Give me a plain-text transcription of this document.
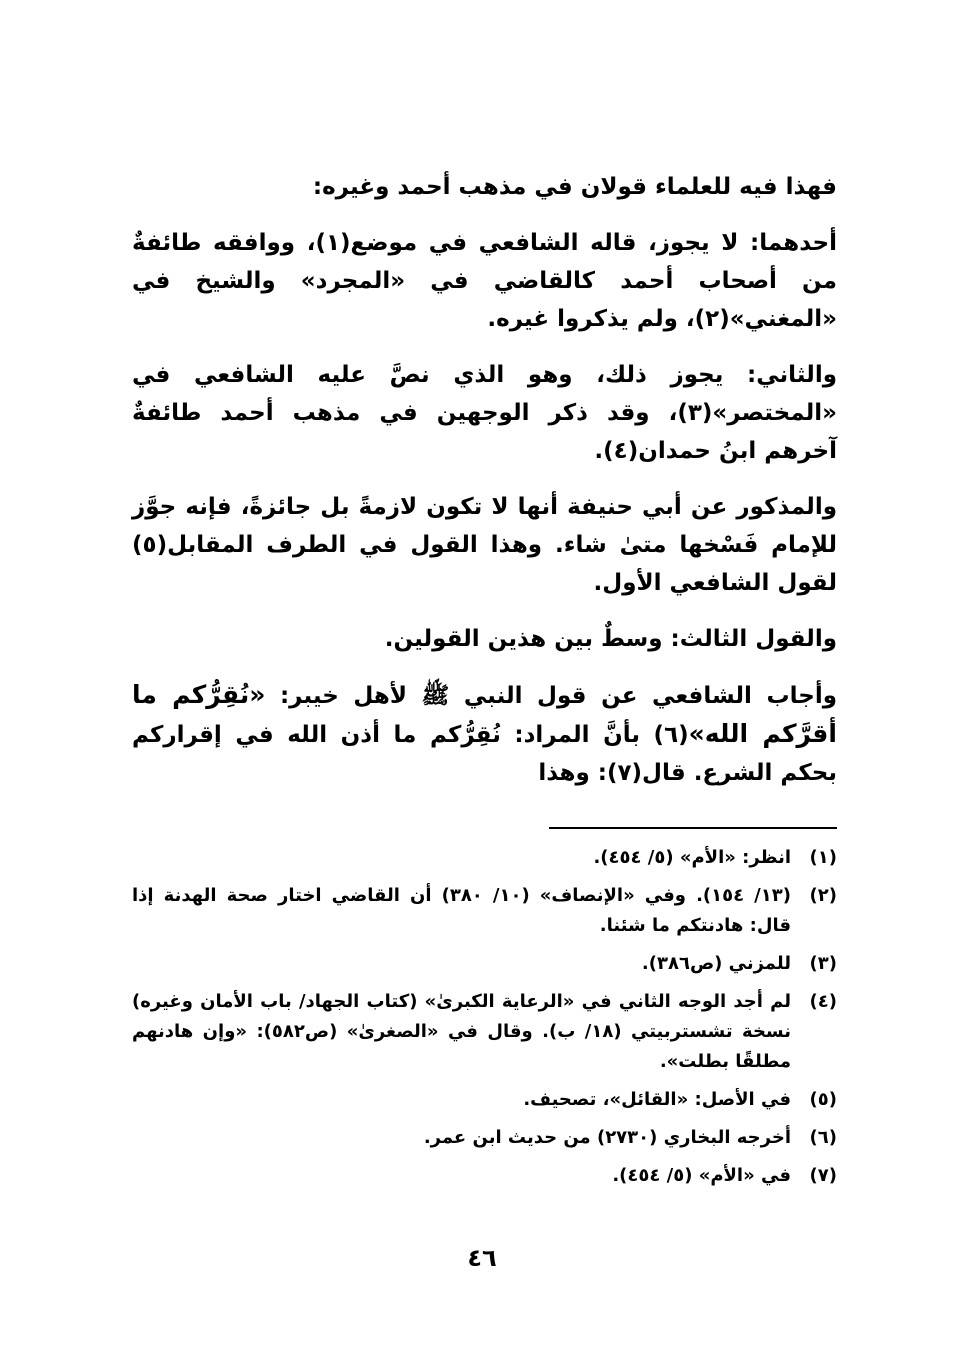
فهذا فيه للعلماء قولان في مذهب أحمد وغيره:

أحدهما: لا يجوز، قاله الشافعي في موضع(١)، ووافقه طائفةٌ من أصحاب أحمد كالقاضي في «المجرد» والشيخ في «المغني»(٢)، ولم يذكروا غيره.

والثاني: يجوز ذلك، وهو الذي نصَّ عليه الشافعي في «المختصر»(٣)، وقد ذكر الوجهين في مذهب أحمد طائفةٌ آخرهم ابنُ حمدان(٤).

والمذكور عن أبي حنيفة أنها لا تكون لازمةً بل جائزةً، فإنه جوَّز للإمام فَسْخها متىٰ شاء. وهذا القول في الطرف المقابل(٥) لقول الشافعي الأول.

والقول الثالث: وسطٌ بين هذين القولين.

وأجاب الشافعي عن قول النبي ﷺ لأهل خيبر: «نُقِرُّكم ما أقرَّكم الله»(٦) بأنَّ المراد: نُقِرُّكم ما أذن الله في إقراركم بحكم الشرع. قال(٧): وهذا

(١)
انظر: «الأم» (٥/ ٤٥٤).
(٢)
(١٣/ ١٥٤). وفي «الإنصاف» (١٠/ ٣٨٠) أن القاضي اختار صحة الهدنة إذا قال: هادنتكم ما شئنا.
(٣)
للمزني (ص٣٨٦).
(٤)
لم أجد الوجه الثاني في «الرعاية الكبرىٰ» (كتاب الجهاد/ باب الأمان وغيره) نسخة تشستربيتي (١٨/ ب). وقال في «الصغرىٰ» (ص٥٨٢): «وإن هادنهم مطلقًا بطلت».
(٥)
في الأصل: «القائل»، تصحيف.
(٦)
أخرجه البخاري (٢٧٣٠) من حديث ابن عمر.
(٧)
في «الأم» (٥/ ٤٥٤).
٤٦
